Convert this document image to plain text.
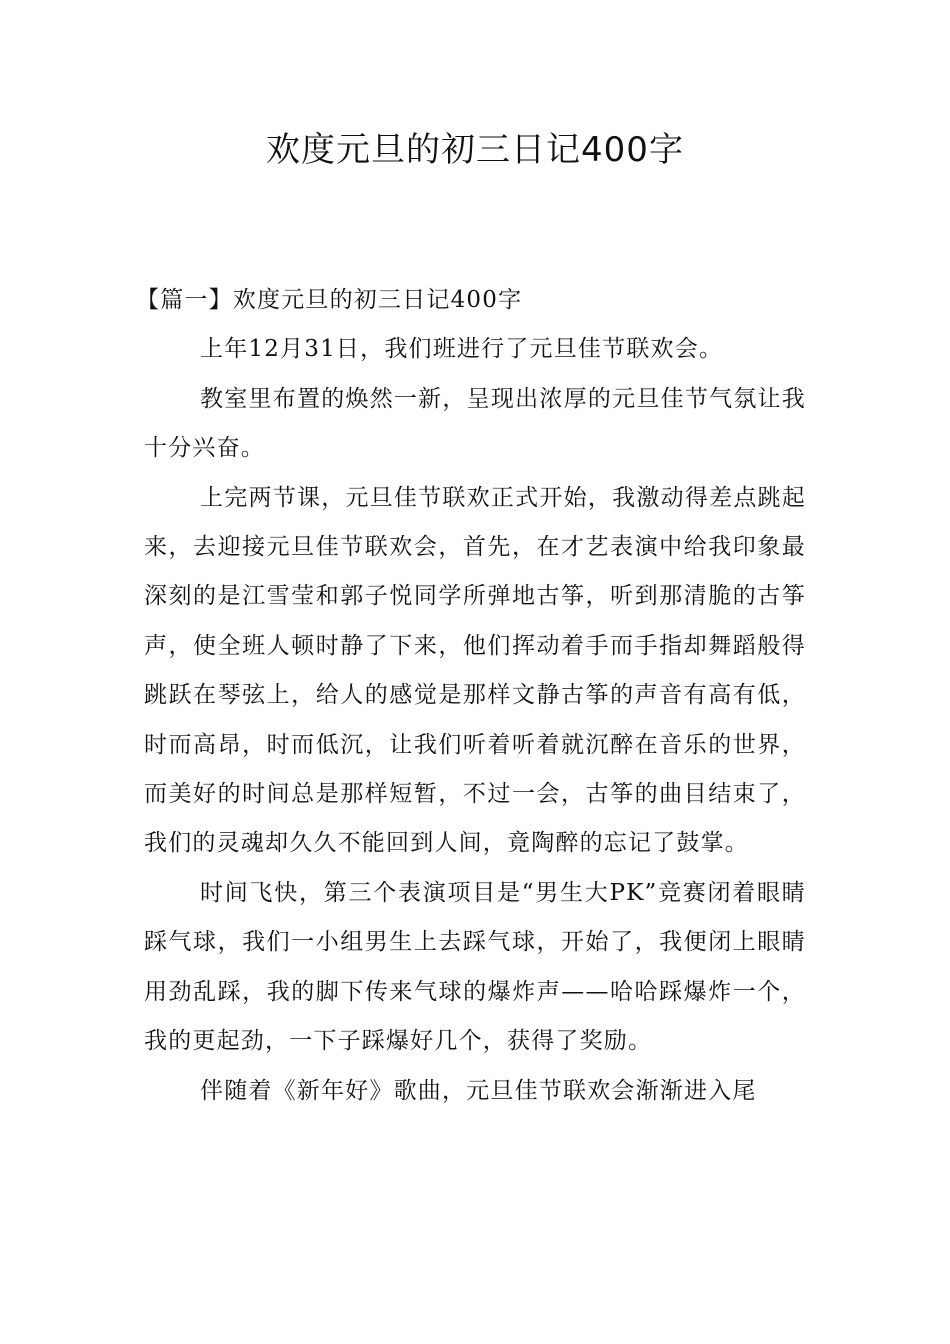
欢度元旦的初三日记400字

【篇一】欢度元旦的初三日记400字

上年12月31日，我们班进行了元旦佳节联欢会。

教室里布置的焕然一新，呈现出浓厚的元旦佳节气氛让我十分兴奋。

上完两节课，元旦佳节联欢正式开始，我激动得差点跳起来，去迎接元旦佳节联欢会，首先，在才艺表演中给我印象最深刻的是江雪莹和郭子悦同学所弹地古筝，听到那清脆的古筝声，使全班人顿时静了下来，他们挥动着手而手指却舞蹈般得跳跃在琴弦上，给人的感觉是那样文静古筝的声音有高有低，时而高昂，时而低沉，让我们听着听着就沉醉在音乐的世界，而美好的时间总是那样短暂，不过一会，古筝的曲目结束了，我们的灵魂却久久不能回到人间，竟陶醉的忘记了鼓掌。

时间飞快，第三个表演项目是“男生大PK”竞赛闭着眼睛踩气球，我们一小组男生上去踩气球，开始了，我便闭上眼睛用劲乱踩，我的脚下传来气球的爆炸声——哈哈踩爆炸一个，我的更起劲，一下子踩爆好几个，获得了奖励。

伴随着《新年好》歌曲，元旦佳节联欢会渐渐进入尾
